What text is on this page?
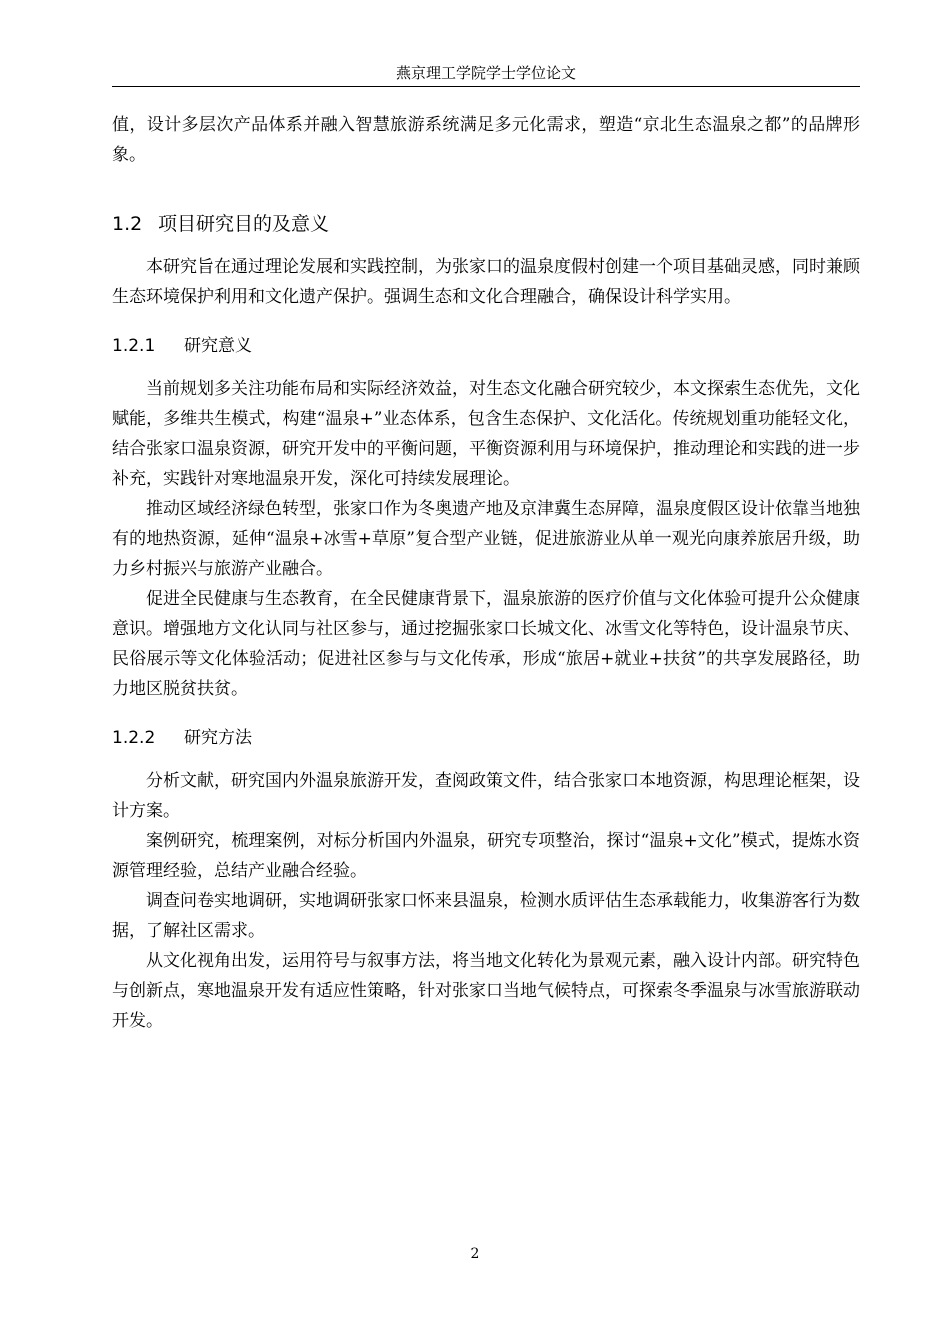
燕京理工学院学士学位论文

值，设计多层次产品体系并融入智慧旅游系统满足多元化需求，塑造“京北生态温泉之都”的品牌形象。

1.2 项目研究目的及意义

本研究旨在通过理论发展和实践控制，为张家口的温泉度假村创建一个项目基础灵感，同时兼顾生态环境保护利用和文化遗产保护。强调生态和文化合理融合，确保设计科学实用。

1.2.1 研究意义

当前规划多关注功能布局和实际经济效益，对生态文化融合研究较少，本文探索生态优先，文化赋能，多维共生模式，构建“温泉+”业态体系，包含生态保护、文化活化。传统规划重功能轻文化，结合张家口温泉资源，研究开发中的平衡问题，平衡资源利用与环境保护，推动理论和实践的进一步补充，实践针对寒地温泉开发，深化可持续发展理论。

推动区域经济绿色转型，张家口作为冬奥遗产地及京津冀生态屏障，温泉度假区设计依靠当地独有的地热资源，延伸“温泉+冰雪+草原”复合型产业链，促进旅游业从单一观光向康养旅居升级，助力乡村振兴与旅游产业融合。

促进全民健康与生态教育，在全民健康背景下，温泉旅游的医疗价值与文化体验可提升公众健康意识。增强地方文化认同与社区参与，通过挖掘张家口长城文化、冰雪文化等特色，设计温泉节庆、民俗展示等文化体验活动；促进社区参与与文化传承，形成“旅居+就业+扶贫”的共享发展路径，助力地区脱贫扶贫。

1.2.2 研究方法

分析文献，研究国内外温泉旅游开发，查阅政策文件，结合张家口本地资源，构思理论框架，设计方案。

案例研究，梳理案例，对标分析国内外温泉，研究专项整治，探讨“温泉+文化”模式，提炼水资源管理经验，总结产业融合经验。

调查问卷实地调研，实地调研张家口怀来县温泉，检测水质评估生态承载能力，收集游客行为数据，了解社区需求。

从文化视角出发，运用符号与叙事方法，将当地文化转化为景观元素，融入设计内部。研究特色与创新点，寒地温泉开发有适应性策略，针对张家口当地气候特点，可探索冬季温泉与冰雪旅游联动开发。

2
